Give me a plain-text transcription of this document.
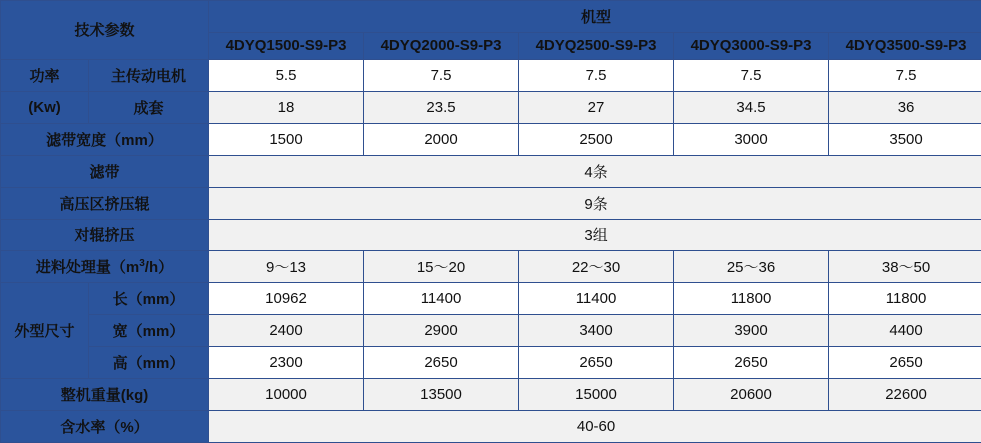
技术参数		机型				
		4DYQ1500-S9-P3	4DYQ2000-S9-P3	4DYQ2500-S9-P3	4DYQ3000-S9-P3	4DYQ3500-S9-P3
功率	主传动电机	5.5	7.5	7.5	7.5	7.5
(Kw)	成套	18	23.5	27	34.5	36
滤带宽度（mm）		1500	2000	2500	3000	3500
滤带		4条				
高压区挤压辊		9条				
对辊挤压		3组				
进料处理量$(m^3/h)$		9～13	15～20	22～30	25～36	38～50
外型尺寸	长（mm）	10962	11400	11400	11800	11800
	宽（mm）	2400	2900	3400	3900	4400
	高（mm）	2300	2650	2650	2650	2650
整机重量(kg)		10000	13500	15000	20600	22600
含水率（%）		40-60				
